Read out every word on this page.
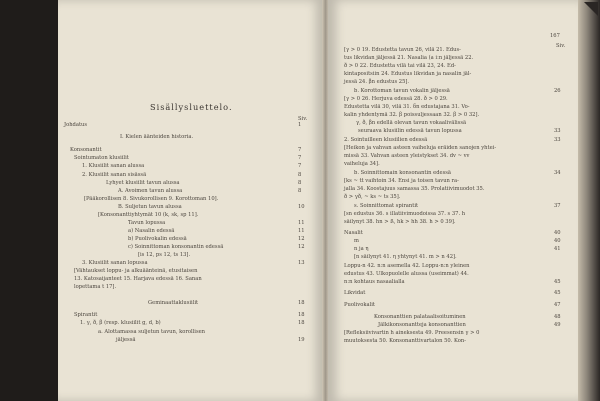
Sisällysluettelo.
Siv.
Johdatus	1
I. Kielen äänteiden historia.
Konsonantit	7
Sointumaton klusiilit	7
1. Klusiilit sanan alussa	7
2. Klusiilit sanan sisässä	8
Lyhyet klusiilit tavun alussa	8
A. Avoimen tavun alussa	8
[Pääkorollisen 8. Sivukorollisen 9. Korottoman 10].
B. Suljetun tavun alussa	10
[Konsonanttiyhtymät 10 (k, sk, sp 11].
Tavun lopussa	11
a) Nasalin edessä	11
b) Puolivokalin edessä	12
c) Soinnittoman konsonantin edessä	12
[is 12, ps 12, ts 13].
3. Klusiilit sanan lopussa	13
[Vähtaukset loppu- ja alkuäänteinä, etusitaisen
13. Katosaijanteet 15. Harjava edessä 16. Sanan
lopettama t 17].
Geminaattaklusiilit	18
Spirantit	18
1. γ, ð, β (resp. klusiilit g, d, b)	18
a. Alottamassa suljetun tavun, korollisen
jäljessä	19
167
Siv.
[γ > 0 19. Edustetta tavun 26, vilä 21. Edus-
tus likvidan jäljessä 21. Nasalia (a i:n jäljessä 22.
ð > 0 22. Edustetta vilä tai vilä 23, 24. Ed-
kintapositsiin 24. Edustus likvidan ja nasalin jäl-
jessä 24. βn edustus 25].
b. Korottoman tavun vokalin jäljessä	26
[γ > 0 26. Herjuva edessä 28. ð > 0 29.
Edustetta vilä 30, vilä 31. δn edustajana 31. Vo-
kalin yhdentymä 32. β poissuljessaan 32. β > 0 32].
γ, ð, βn edellä olevan tavun vokaalivälissä
seuraava klusiilin edessä tavun lopussa	33
2. Sointuilleen klusiilien edessä	33
[Heikon ja vahvan asteen vaiheluja eräiden sanojen yhtei-
missä 33. Vahvan asteen yleistykset 34. dv ~ vv
vaiheluja 34].
b. Soinnittomain konsonantin edessä	34
[ks ~ tt vaihtoin 34. Ensi ja toisen tavun ra-
jalla 34. Koostajuus samassa 35. Prolatiivimuodot 35.
ð > γð, ~ ks ~ ts 35].
s. Soinnittomat spirantit	37
[sn edustus 36. s illatiivimuodoissa 37. s 37. h
säilynyt 38. hn > ß, hk > hh 38. h > 0 39].
Nasalit	40
m	40
n ja η	41
[n säilynyt 41. η yhtynyt 41. m > n 42].
Loppu-n 42. n:n asemella 42. Loppu-n:n yleinen
edustus 43. Ulkopuolelle alussa (useimmat) 44.
n:n kohtaus nasaalialla	45
Likvidat	45
Puolivokalit	47
Konsonanttien palataalisoituminen	48
Jälkikonsonantteja konsonanttien	49
[Refleksiivivartin h aineksesta 49. Preesensin γ > 0
muutoksesta 50. Konsonanttivartalon 50. Kon-
